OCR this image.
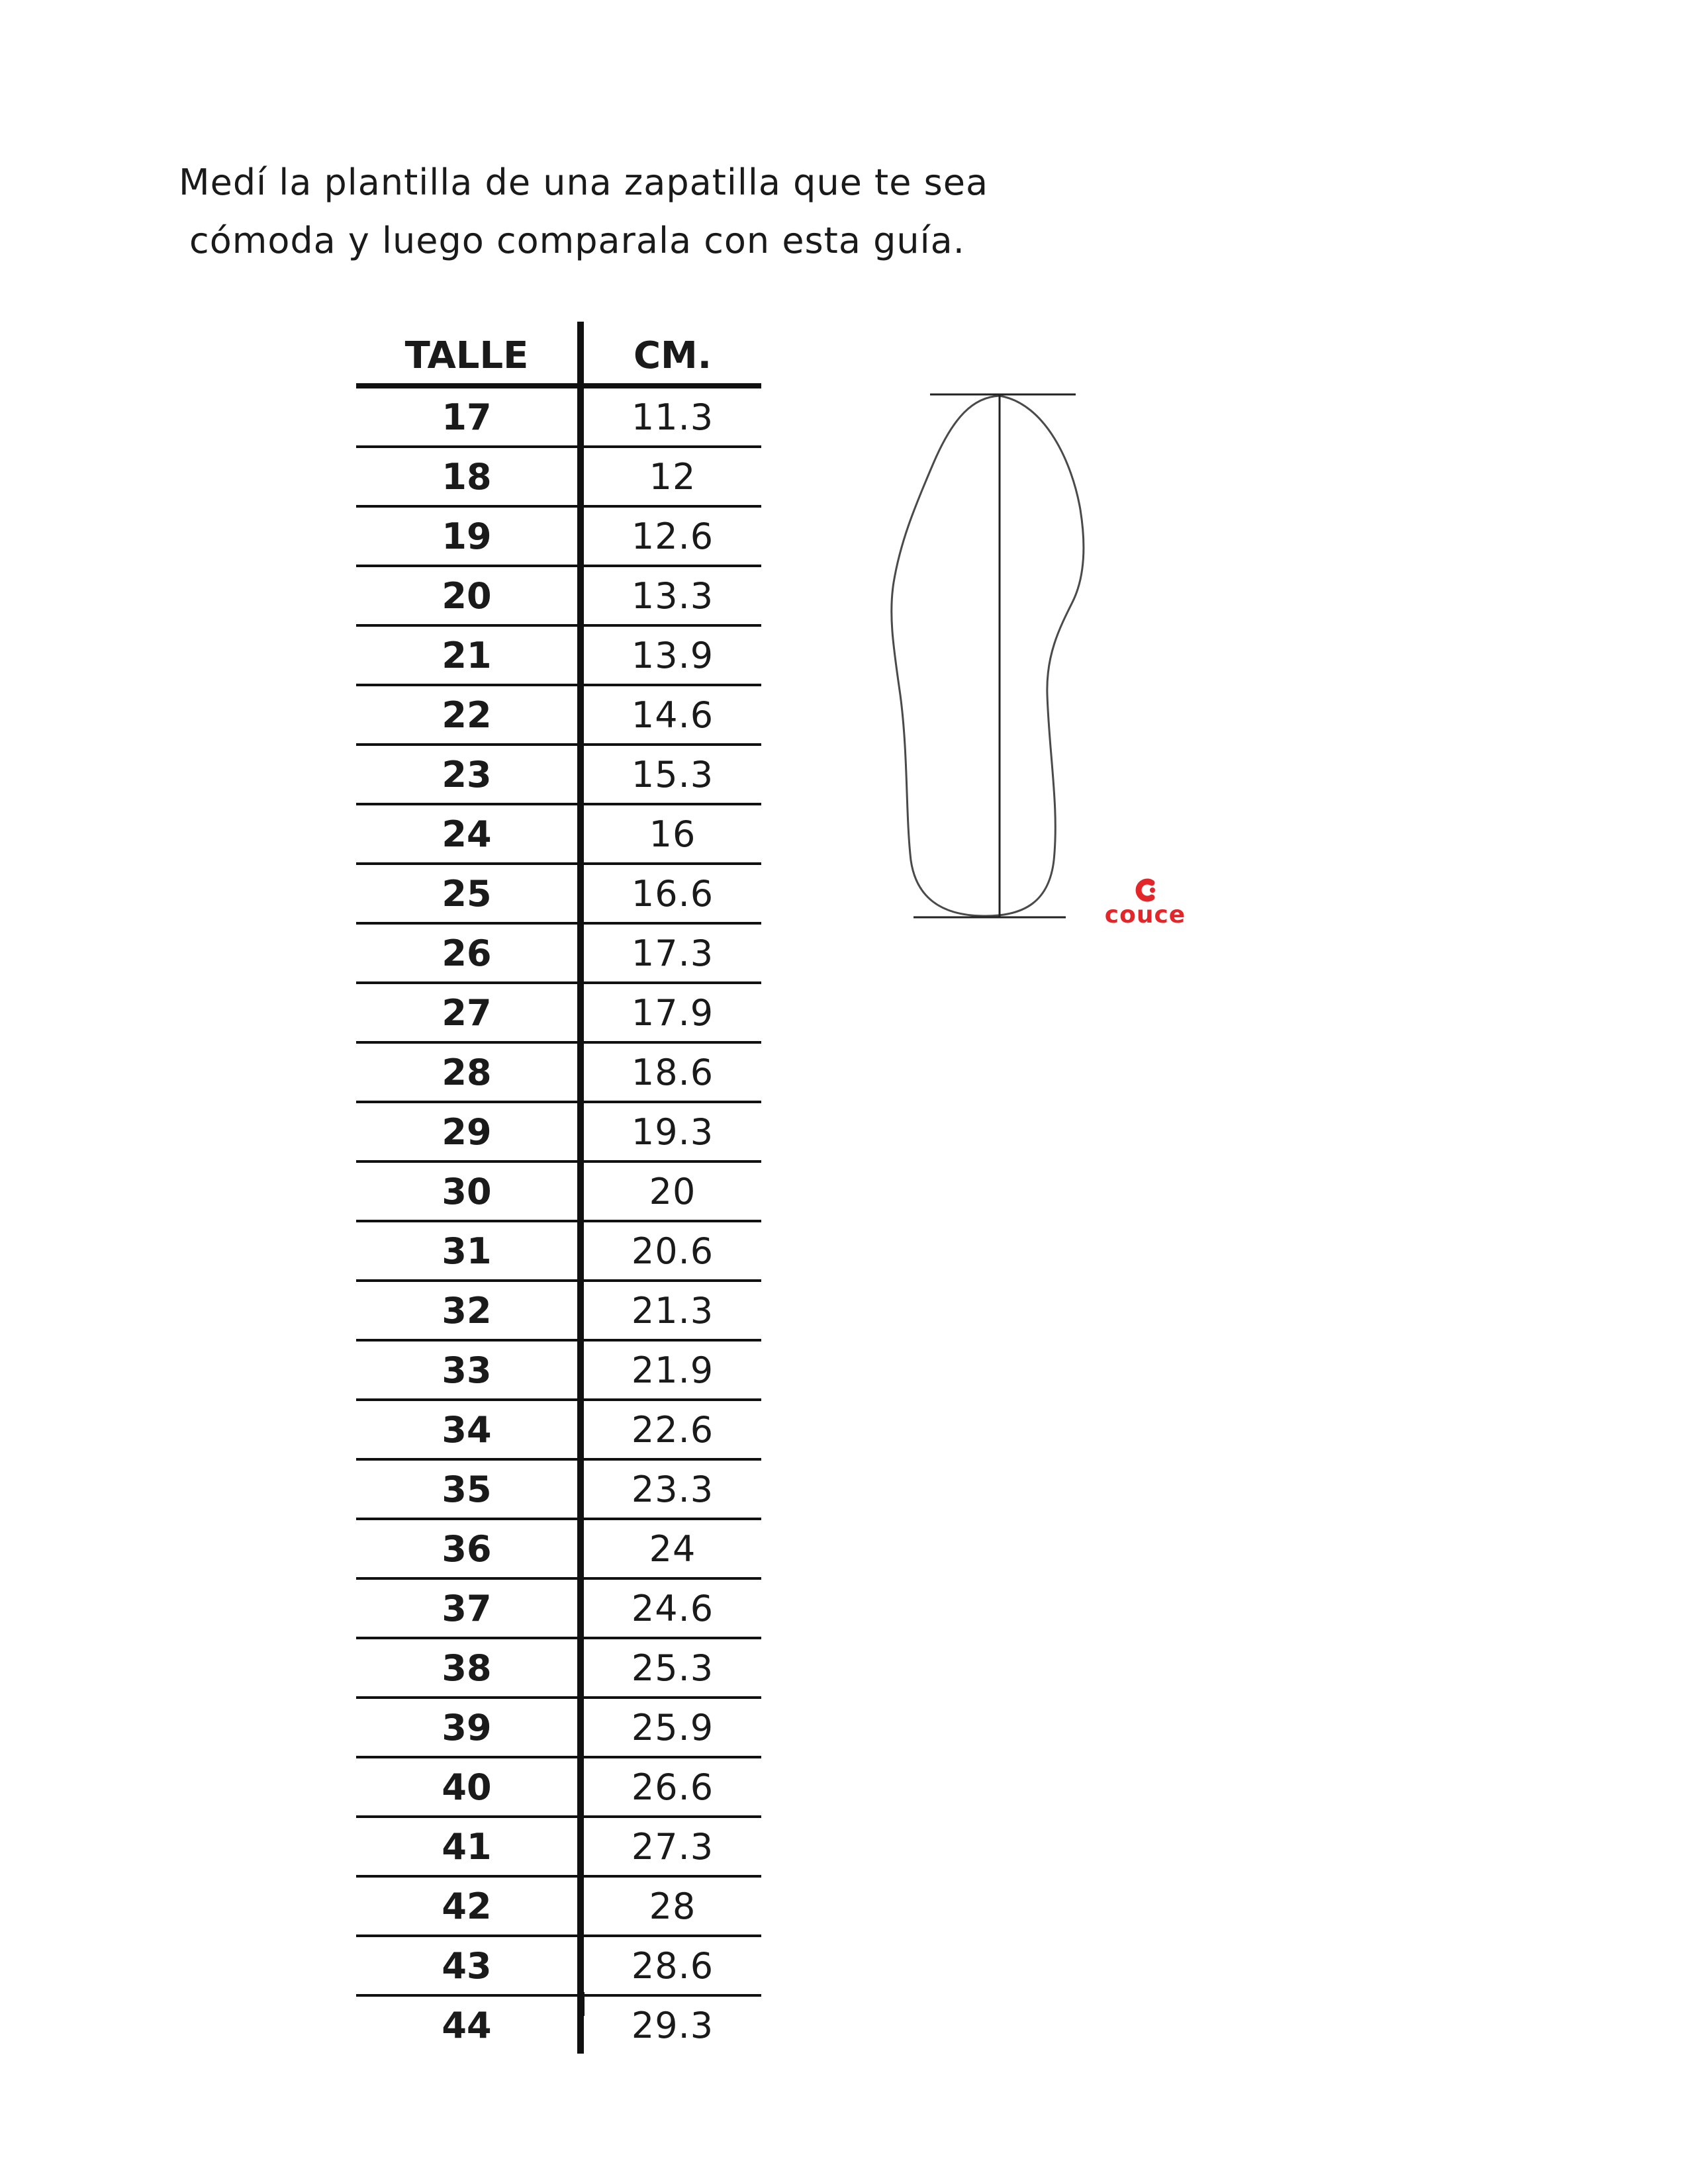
Medí la plantilla de una zapatilla que te sea
cómoda y luego comparala con esta guía.
TALLE	CM.
17	11.3
18	12
19	12.6
20	13.3
21	13.9
22	14.6
23	15.3
24	16
25	16.6
26	17.3
27	17.9
28	18.6
29	19.3
30	20
31	20.6
32	21.3
33	21.9
34	22.6
35	23.3
36	24
37	24.6
38	25.3
39	25.9
40	26.6
41	27.3
42	28
43	28.6
44	29.3
couce
